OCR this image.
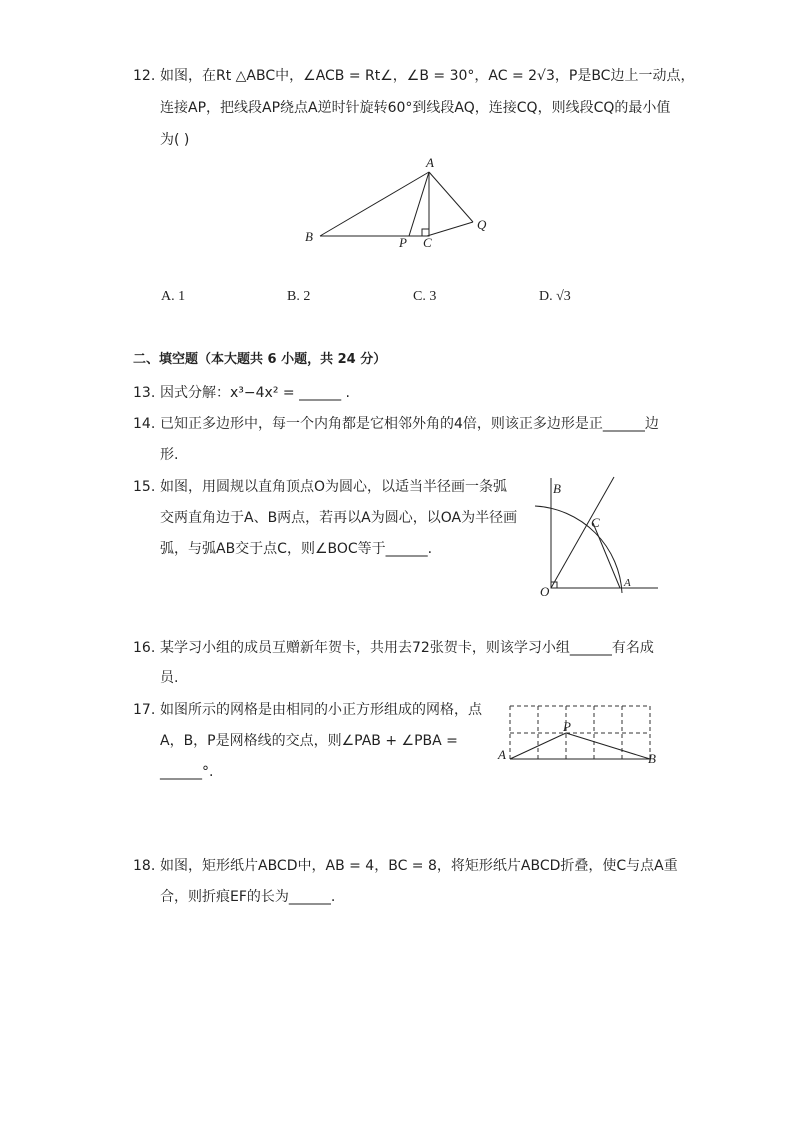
12. 如图，在Rt △ABC中，∠ACB = Rt∠，∠B = 30°，AC = 2√3，P是BC边上一动点，
连接AP，把线段AP绕点A逆时针旋转60°到线段AQ，连接CQ，则线段CQ的最小值
为( )
A
B	P C
Q
A. 1	B. 2	C. 3	D. √3
二、填空题（本大题共 6 小题，共 24 分）
13. 因式分解：x³−4x² = ______ .
14. 已知正多边形中，每一个内角都是它相邻外角的4倍，则该正多边形是正______边
形.
15. 如图，用圆规以直角顶点O为圆心，以适当半径画一条弧
交两直角边于A、B两点，若再以A为圆心，以OA为半径画
弧，与弧AB交于点C，则∠BOC等于______.
B
C
O
A
16. 某学习小组的成员互赠新年贺卡，共用去72张贺卡，则该学习小组______有名成
员.
17. 如图所示的网格是由相同的小正方形组成的网格，点
A，B，P是网格线的交点，则∠PAB + ∠PBA =
______°.
A	B
P
18. 如图，矩形纸片ABCD中，AB = 4，BC = 8，将矩形纸片ABCD折叠，使C与点A重
合，则折痕EF的长为______.
